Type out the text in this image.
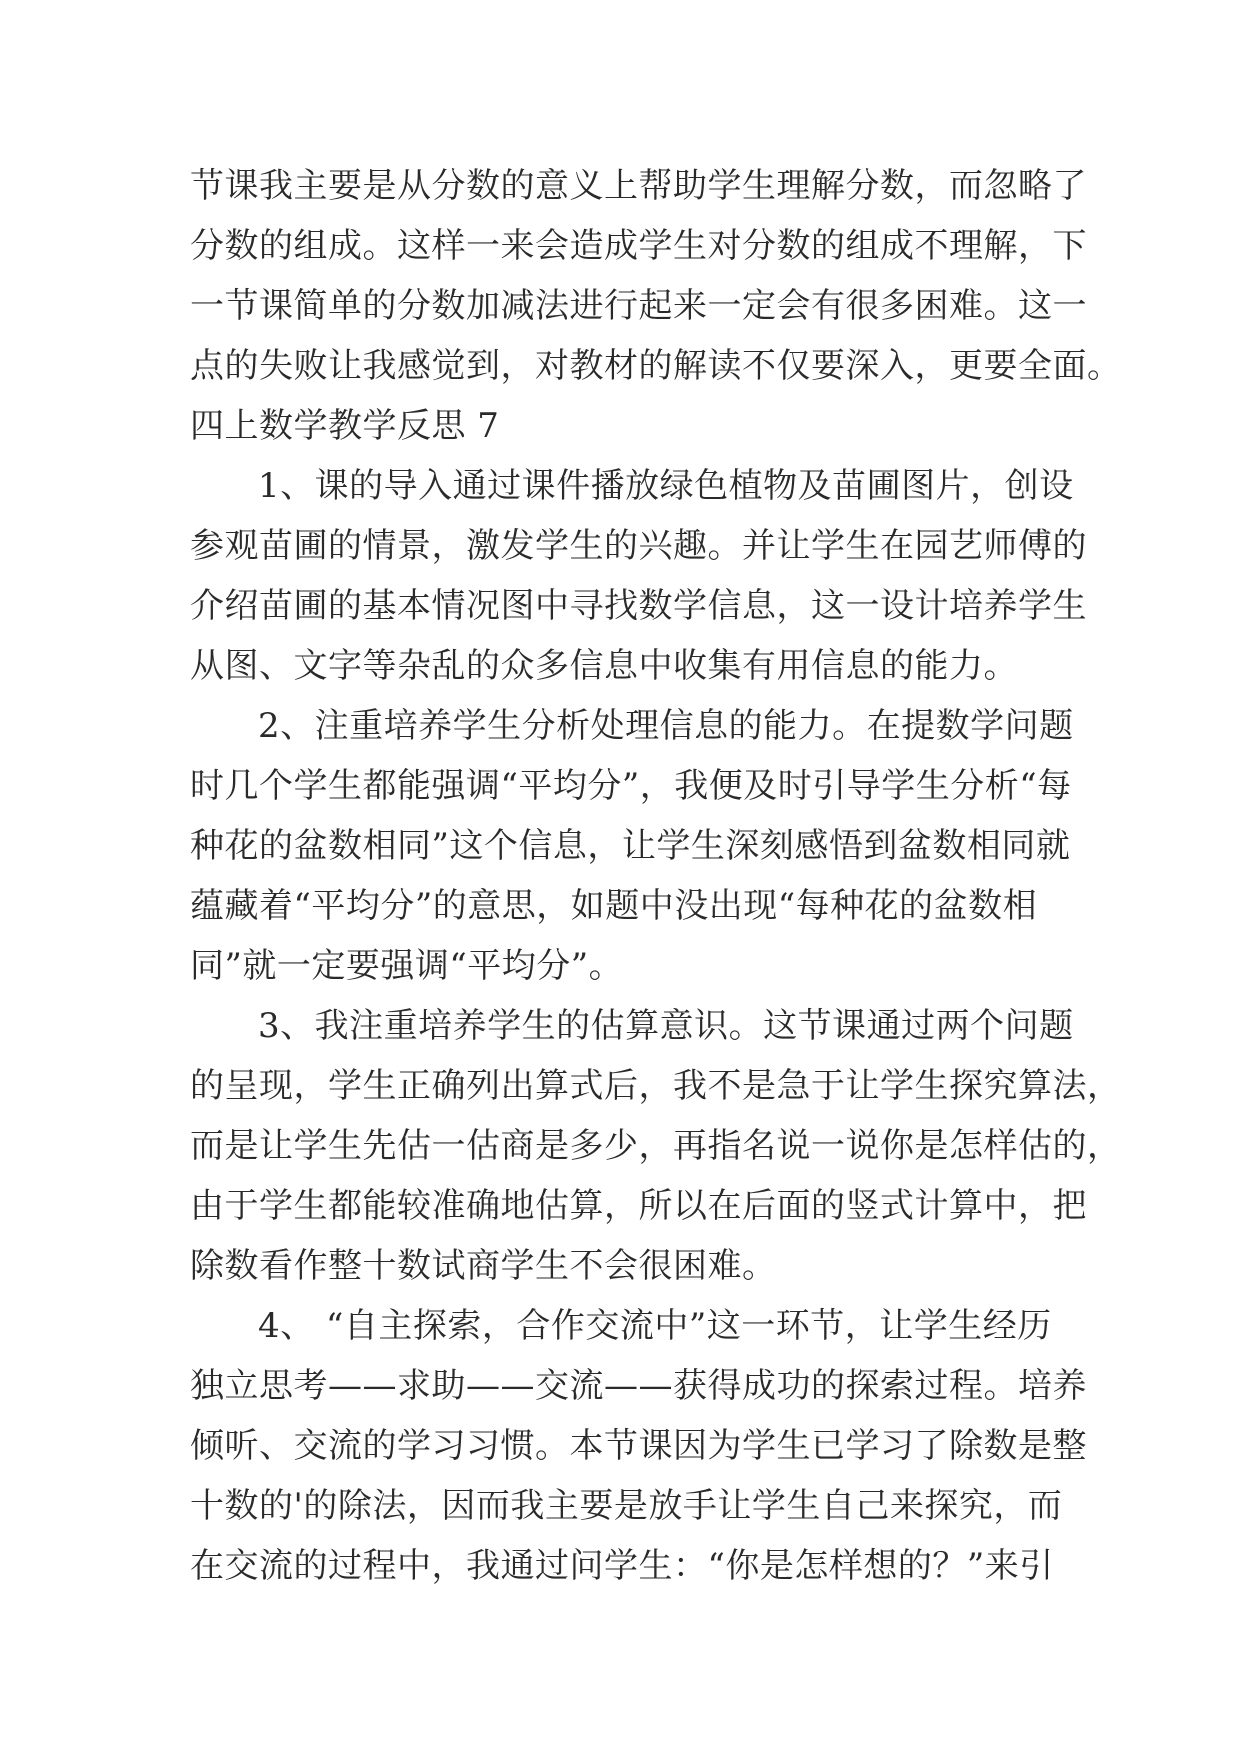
节课我主要是从分数的意义上帮助学生理解分数，而忽略了
分数的组成。这样一来会造成学生对分数的组成不理解，下
一节课简单的分数加减法进行起来一定会有很多困难。这一
点的失败让我感觉到，对教材的解读不仅要深入，更要全面。
四上数学教学反思 7
1、课的导入通过课件播放绿色植物及苗圃图片，创设
参观苗圃的情景，激发学生的兴趣。并让学生在园艺师傅的
介绍苗圃的基本情况图中寻找数学信息，这一设计培养学生
从图、文字等杂乱的众多信息中收集有用信息的能力。
2、注重培养学生分析处理信息的能力。在提数学问题
时几个学生都能强调“平均分”，我便及时引导学生分析“每
种花的盆数相同”这个信息，让学生深刻感悟到盆数相同就
蕴藏着“平均分”的意思，如题中没出现“每种花的盆数相
同”就一定要强调“平均分”。
3、我注重培养学生的估算意识。这节课通过两个问题
的呈现，学生正确列出算式后，我不是急于让学生探究算法，
而是让学生先估一估商是多少，再指名说一说你是怎样估的，
由于学生都能较准确地估算，所以在后面的竖式计算中，把
除数看作整十数试商学生不会很困难。
4、 “自主探索，合作交流中”这一环节，让学生经历
独立思考——求助——交流——获得成功的探索过程。培养
倾听、交流的学习习惯。本节课因为学生已学习了除数是整
十数的'的除法，因而我主要是放手让学生自己来探究，而
在交流的过程中，我通过问学生：“你是怎样想的？”来引
